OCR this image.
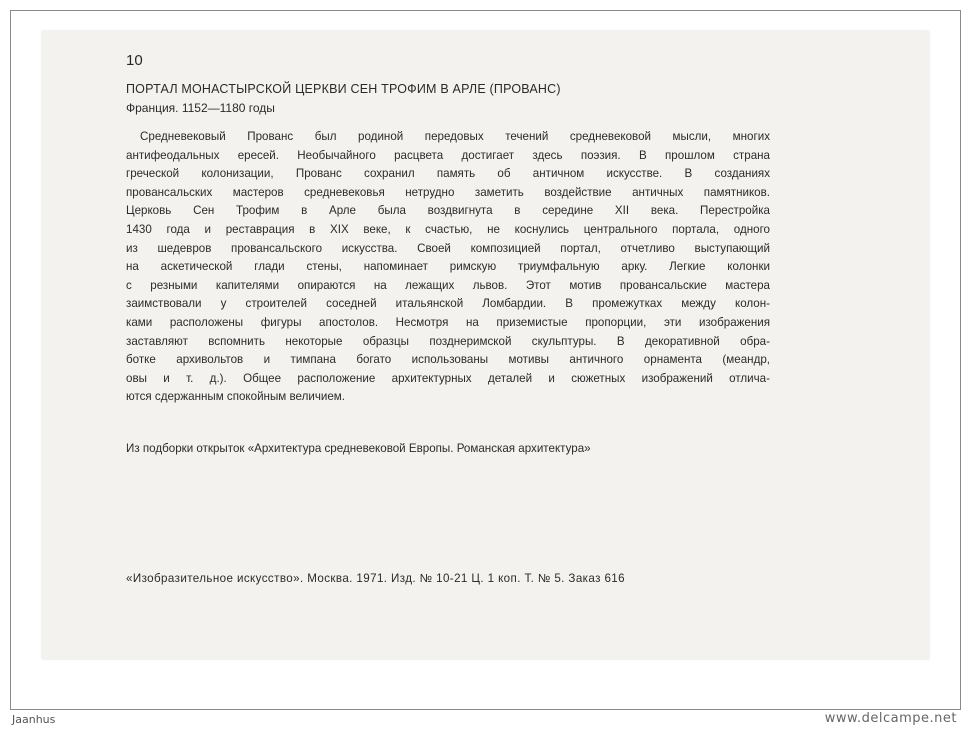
10
ПОРТАЛ МОНАСТЫРСКОЙ ЦЕРКВИ СЕН ТРОФИМ В АРЛЕ (ПРОВАНС)
Франция. 1152—1180 годы
Средневековый Прованс был родиной передовых течений средневековой мысли, многих
антифеодальных ересей. Необычайного расцвета достигает здесь поэзия. В прошлом страна
греческой колонизации, Прованс сохранил память об античном искусстве. В созданиях
провансальских мастеров средневековья нетрудно заметить воздействие античных памятников.
Церковь Сен Трофим в Арле была воздвигнута в середине XII века. Перестройка
1430 года и реставрация в XIX веке, к счастью, не коснулись центрального портала, одного
из шедевров провансальского искусства. Своей композицией портал, отчетливо выступающий
на аскетической глади стены, напоминает римскую триумфальную арку. Легкие колонки
с резными капителями опираются на лежащих львов. Этот мотив провансальские мастера
заимствовали у строителей соседней итальянской Ломбардии. В промежутках между колон-
ками расположены фигуры апостолов. Несмотря на приземистые пропорции, эти изображения
заставляют вспомнить некоторые образцы позднеримской скульптуры. В декоративной обра-
ботке архивольтов и тимпана богато использованы мотивы античного орнамента (меандр,
овы и т. д.). Общее расположение архитектурных деталей и сюжетных изображений отлича-
ются сдержанным спокойным величием.
Из подборки открыток «Архитектура средневековой Европы. Романская архитектура»
«Изобразительное искусство». Москва. 1971. Изд. № 10-21 Ц. 1 коп. Т. № 5. Заказ 616
Jaanhus	www.delcampe.net
